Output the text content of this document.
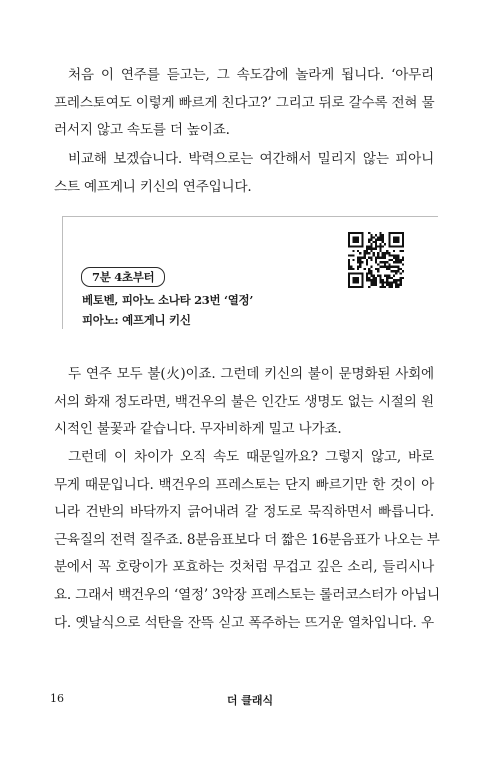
처음 이 연주를 듣고는, 그 속도감에 놀라게 됩니다. ‘아무리
프레스토여도 이렇게 빠르게 친다고?’ 그리고 뒤로 갈수록 전혀 물
러서지 않고 속도를 더 높이죠.
비교해 보겠습니다. 박력으로는 여간해서 밀리지 않는 피아니
스트 예프게니 키신의 연주입니다.
7분 4초부터
베토벤, 피아노 소나타 23번 ‘열정’
피아노: 예프게니 키신
두 연주 모두 불(火)이죠. 그런데 키신의 불이 문명화된 사회에
서의 화재 정도라면, 백건우의 불은 인간도 생명도 없는 시절의 원
시적인 불꽃과 같습니다. 무자비하게 밀고 나가죠.
그런데 이 차이가 오직 속도 때문일까요? 그렇지 않고, 바로
무게 때문입니다. 백건우의 프레스토는 단지 빠르기만 한 것이 아
니라 건반의 바닥까지 긁어내려 갈 정도로 묵직하면서 빠릅니다.
근육질의 전력 질주죠. 8분음표보다 더 짧은 16분음표가 나오는 부
분에서 꼭 호랑이가 포효하는 것처럼 무겁고 깊은 소리, 들리시나
요. 그래서 백건우의 ‘열정’ 3악장 프레스토는 롤러코스터가 아닙니
다. 옛날식으로 석탄을 잔뜩 싣고 폭주하는 뜨거운 열차입니다. 우
16	더 클래식
